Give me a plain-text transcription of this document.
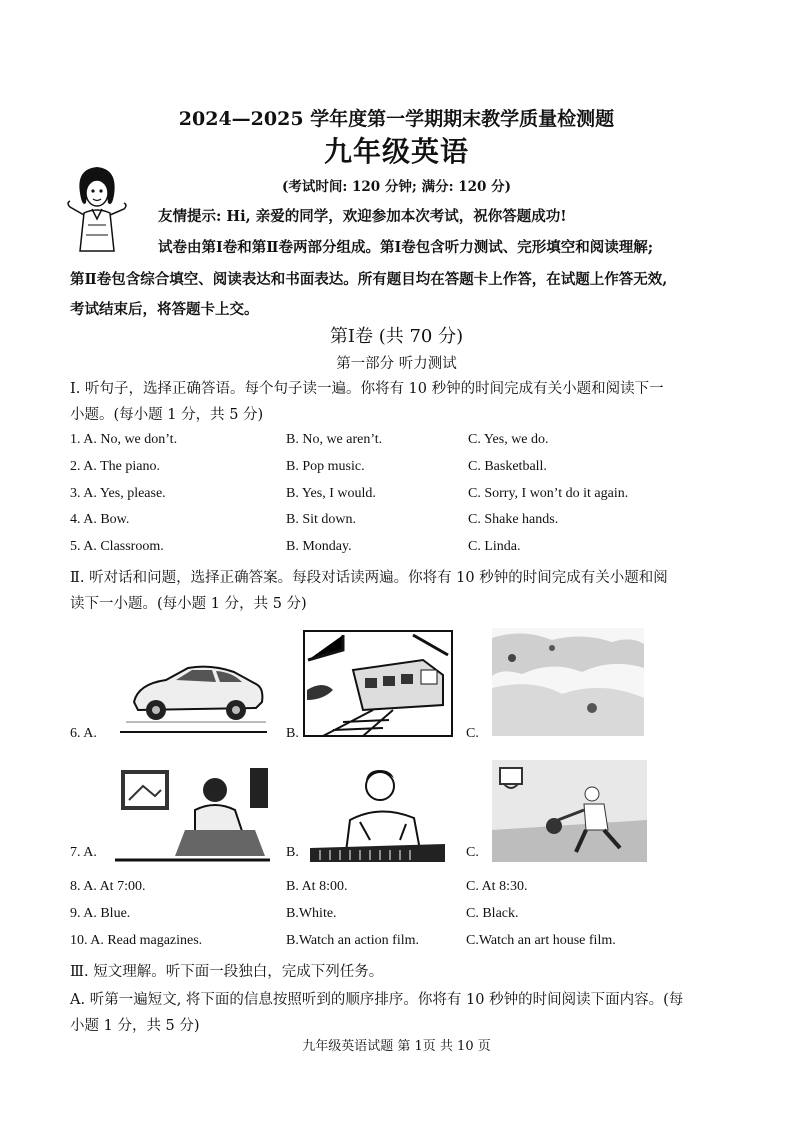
2024—2025 学年度第一学期期末教学质量检测题
九年级英语
(考试时间: 120 分钟; 满分: 120 分)
友情提示: Hi, 亲爱的同学，欢迎参加本次考试，祝你答题成功!
试卷由第Ⅰ卷和第Ⅱ卷两部分组成。第Ⅰ卷包含听力测试、完形填空和阅读理解;
第Ⅱ卷包含综合填空、阅读表达和书面表达。所有题目均在答题卡上作答，在试题上作答无效,
考试结束后，将答题卡上交。
第Ⅰ卷 (共 70 分)
第一部分 听力测试
Ⅰ. 听句子，选择正确答语。每个句子读一遍。你将有 10 秒钟的时间完成有关小题和阅读下一
小题。(每小题 1 分，共 5 分)
1. A. No, we don’t.	B. No, we aren’t.	C. Yes, we do.
2. A. The piano.	B. Pop music.	C. Basketball.
3. A. Yes, please.	B. Yes, I would.	C. Sorry, I won’t do it again.
4. A. Bow.	B. Sit down.	C. Shake hands.
5. A. Classroom.	B. Monday.	C. Linda.
Ⅱ. 听对话和问题，选择正确答案。每段对话读两遍。你将有 10 秒钟的时间完成有关小题和阅
读下一小题。(每小题 1 分，共 5 分)
6. A.	B.	C.
7. A.	B.	C.
8. A. At 7:00.	B. At 8:00.	C. At 8:30.
9. A. Blue.	B.White.	C. Black.
10. A. Read magazines.	B.Watch an action film.	C.Watch an art house film.
Ⅲ. 短文理解。听下面一段独白，完成下列任务。
A. 听第一遍短文, 将下面的信息按照听到的顺序排序。你将有 10 秒钟的时间阅读下面内容。(每
小题 1 分，共 5 分)
九年级英语试题 第 1页 共 10 页
